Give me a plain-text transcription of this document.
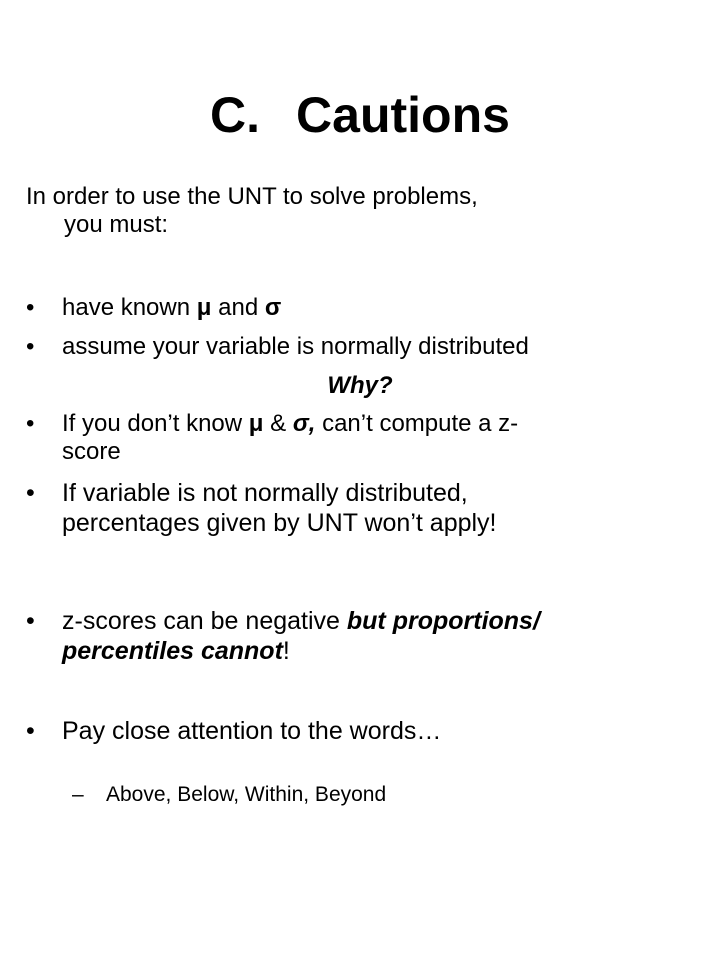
C. Cautions
In order to use the UNT to solve problems,
you must:
•	have known μ and σ
•	assume your variable is normally distributed
Why?
•	If you don’t know μ & σ, can’t compute a z-
score
•	If variable is not normally distributed,
percentages given by UNT won’t apply!
•	z-scores can be negative but proportions/
percentiles cannot!
•	Pay close attention to the words…
–	Above, Below, Within, Beyond
